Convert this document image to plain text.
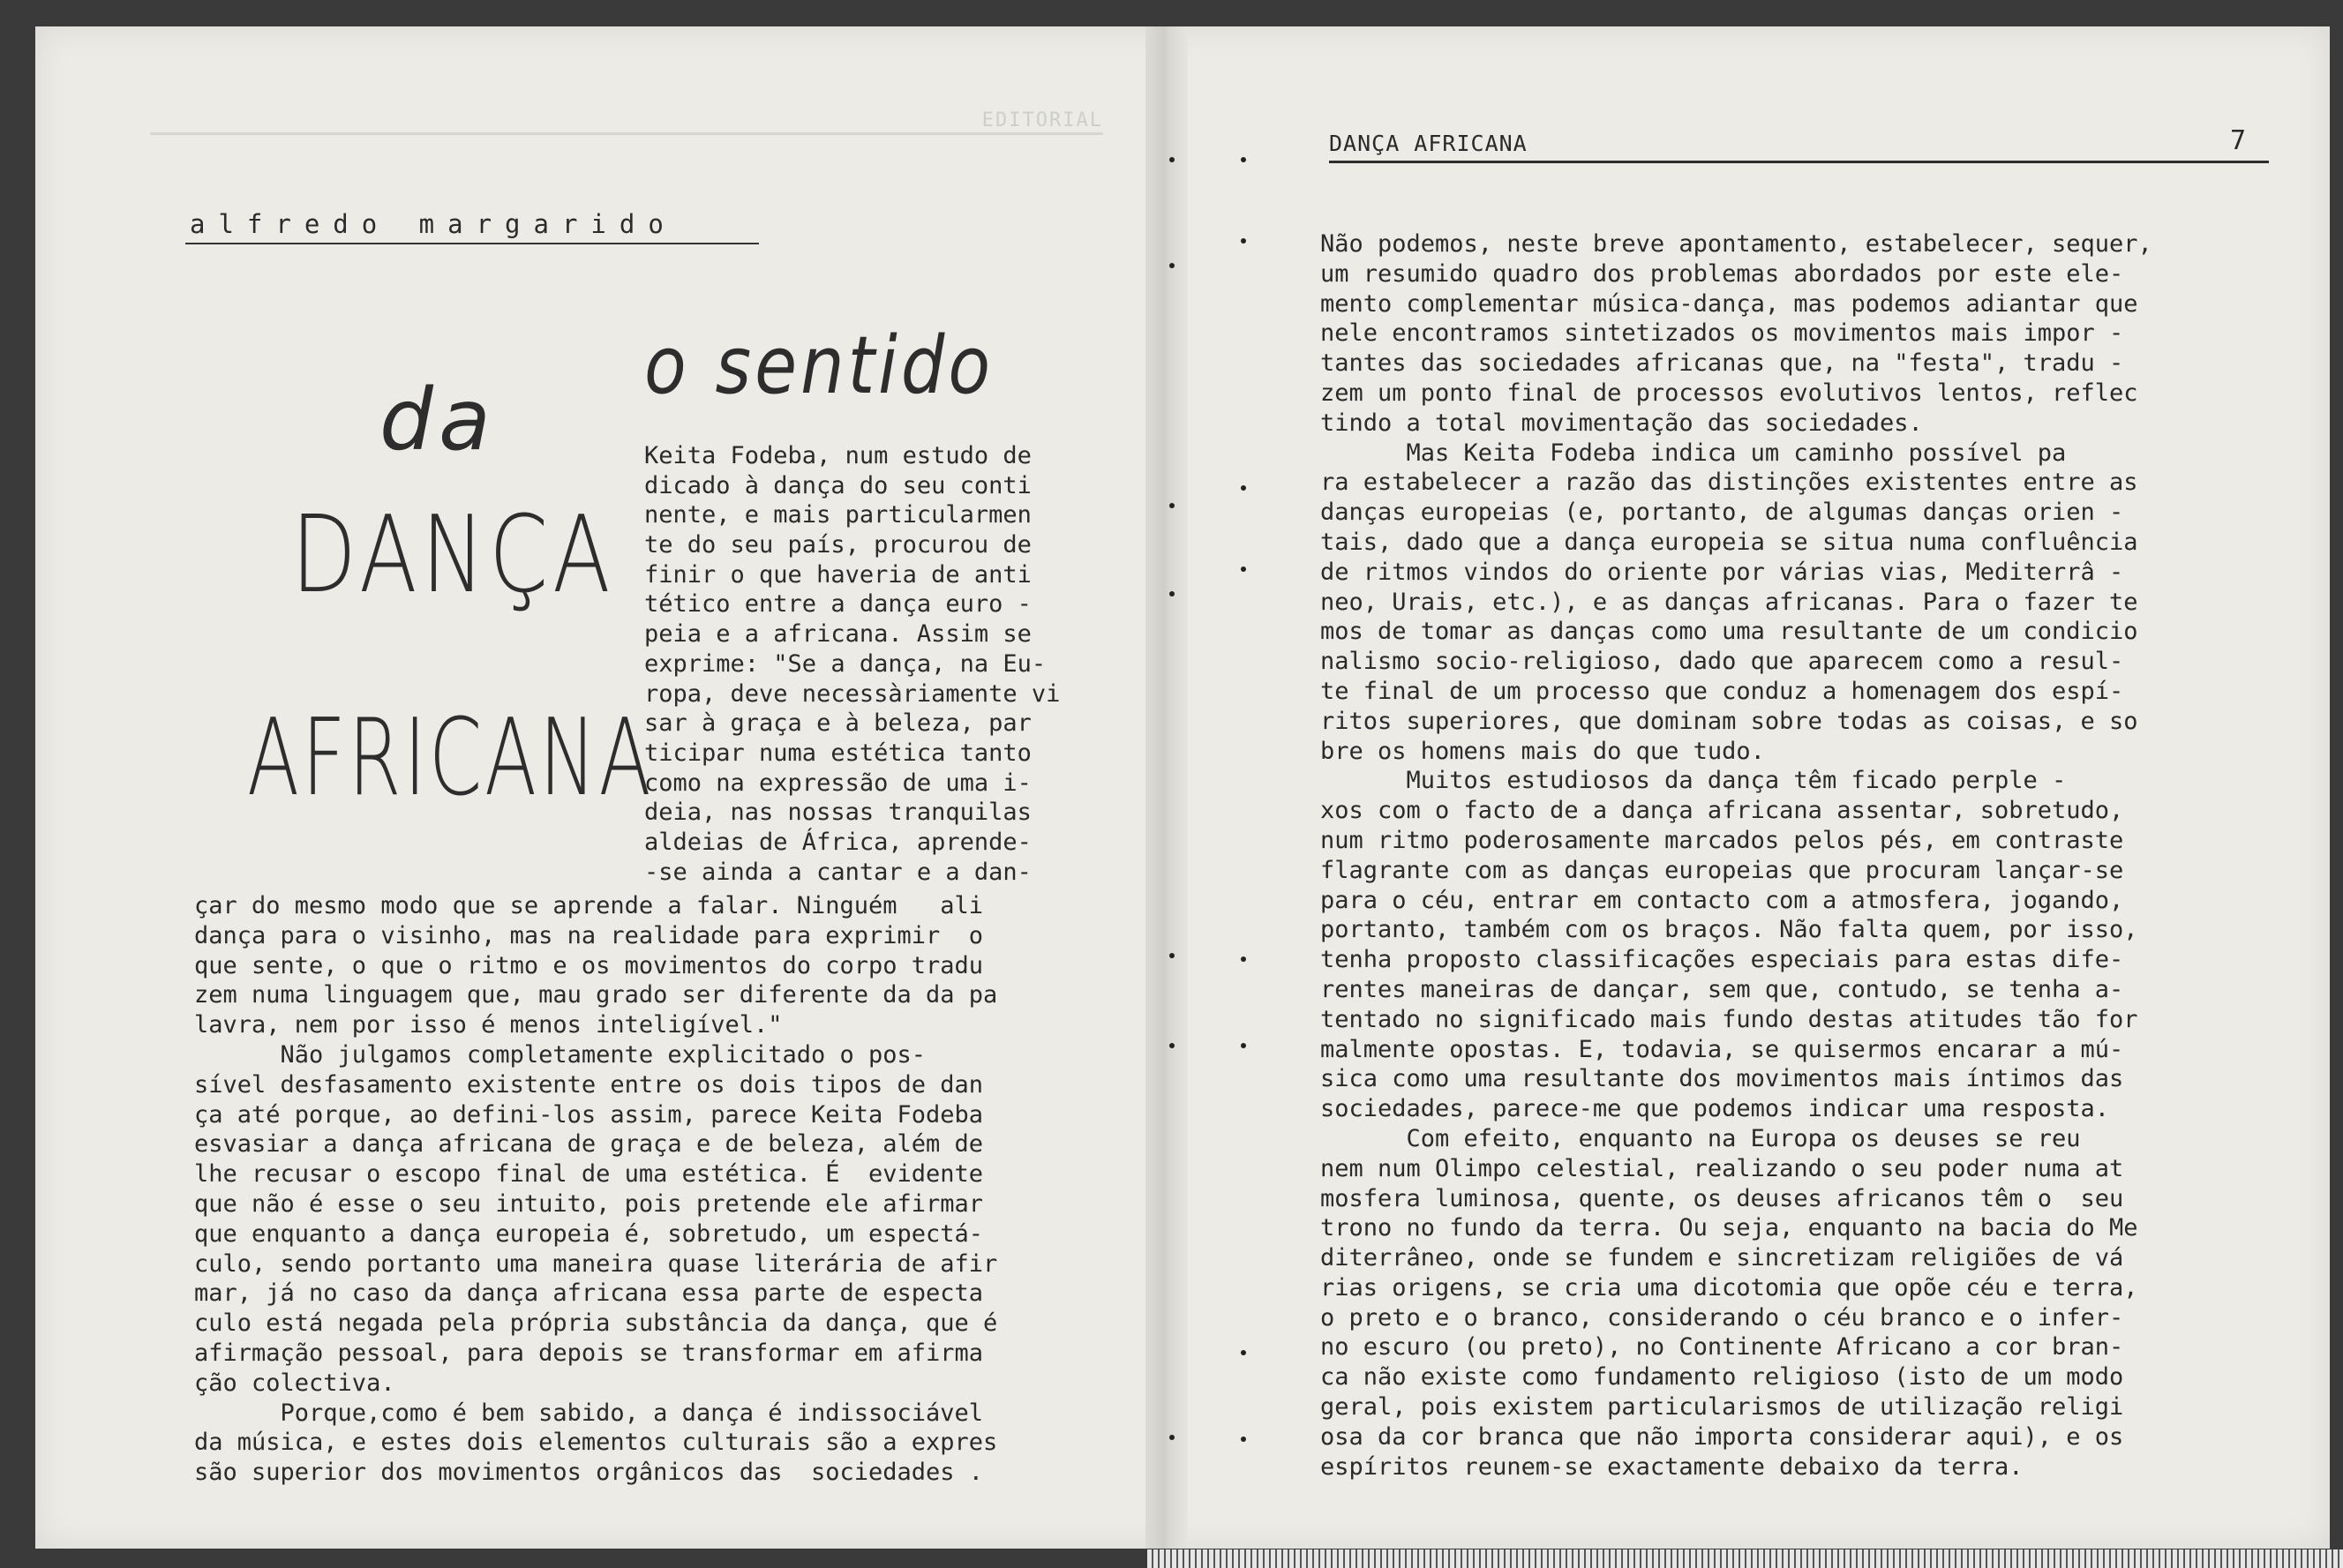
EDITORIAL
alfredo margarido
o sentido
da
DANÇA
AFRICANA
Keita Fodeba, num estudo de
dicado à dança do seu conti
nente, e mais particularmen
te do seu país, procurou de
finir o que haveria de anti
tético entre a dança euro -
peia e a africana. Assim se
exprime: "Se a dança, na Eu-
ropa, deve necessàriamente vi
sar à graça e à beleza, par
ticipar numa estética tanto
como na expressão de uma i-
deia, nas nossas tranquilas
aldeias de África, aprende-
-se ainda a cantar e a dan-
çar do mesmo modo que se aprende a falar. Ninguém   ali
dança para o visinho, mas na realidade para exprimir  o
que sente, o que o ritmo e os movimentos do corpo tradu
zem numa linguagem que, mau grado ser diferente da da pa
lavra, nem por isso é menos inteligível."
Não julgamos completamente explicitado o pos-
sível desfasamento existente entre os dois tipos de dan
ça até porque, ao defini-los assim, parece Keita Fodeba
esvasiar a dança africana de graça e de beleza, além de
lhe recusar o escopo final de uma estética. É  evidente
que não é esse o seu intuito, pois pretende ele afirmar
que enquanto a dança europeia é, sobretudo, um espectá-
culo, sendo portanto uma maneira quase literária de afir
mar, já no caso da dança africana essa parte de especta
culo está negada pela própria substância da dança, que é
afirmação pessoal, para depois se transformar em afirma
ção colectiva.
Porque,como é bem sabido, a dança é indissociável
da música, e estes dois elementos culturais são a expres
são superior dos movimentos orgânicos das  sociedades .
DANÇA AFRICANA	7
Não podemos, neste breve apontamento, estabelecer, sequer,
um resumido quadro dos problemas abordados por este ele-
mento complementar música-dança, mas podemos adiantar que
nele encontramos sintetizados os movimentos mais impor -
tantes das sociedades africanas que, na "festa", tradu -
zem um ponto final de processos evolutivos lentos, reflec
tindo a total movimentação das sociedades.
Mas Keita Fodeba indica um caminho possível pa
ra estabelecer a razão das distinções existentes entre as
danças europeias (e, portanto, de algumas danças orien -
tais, dado que a dança europeia se situa numa confluência
de ritmos vindos do oriente por várias vias, Mediterrâ -
neo, Urais, etc.), e as danças africanas. Para o fazer te
mos de tomar as danças como uma resultante de um condicio
nalismo socio-religioso, dado que aparecem como a resul-
te final de um processo que conduz a homenagem dos espí-
ritos superiores, que dominam sobre todas as coisas, e so
bre os homens mais do que tudo.
Muitos estudiosos da dança têm ficado perple -
xos com o facto de a dança africana assentar, sobretudo,
num ritmo poderosamente marcados pelos pés, em contraste
flagrante com as danças europeias que procuram lançar-se
para o céu, entrar em contacto com a atmosfera, jogando,
portanto, também com os braços. Não falta quem, por isso,
tenha proposto classificações especiais para estas dife-
rentes maneiras de dançar, sem que, contudo, se tenha a-
tentado no significado mais fundo destas atitudes tão for
malmente opostas. E, todavia, se quisermos encarar a mú-
sica como uma resultante dos movimentos mais íntimos das
sociedades, parece-me que podemos indicar uma resposta.
Com efeito, enquanto na Europa os deuses se reu
nem num Olimpo celestial, realizando o seu poder numa at
mosfera luminosa, quente, os deuses africanos têm o  seu
trono no fundo da terra. Ou seja, enquanto na bacia do Me
diterrâneo, onde se fundem e sincretizam religiões de vá
rias origens, se cria uma dicotomia que opõe céu e terra,
o preto e o branco, considerando o céu branco e o infer-
no escuro (ou preto), no Continente Africano a cor bran-
ca não existe como fundamento religioso (isto de um modo
geral, pois existem particularismos de utilização religi
osa da cor branca que não importa considerar aqui), e os
espíritos reunem-se exactamente debaixo da terra.
